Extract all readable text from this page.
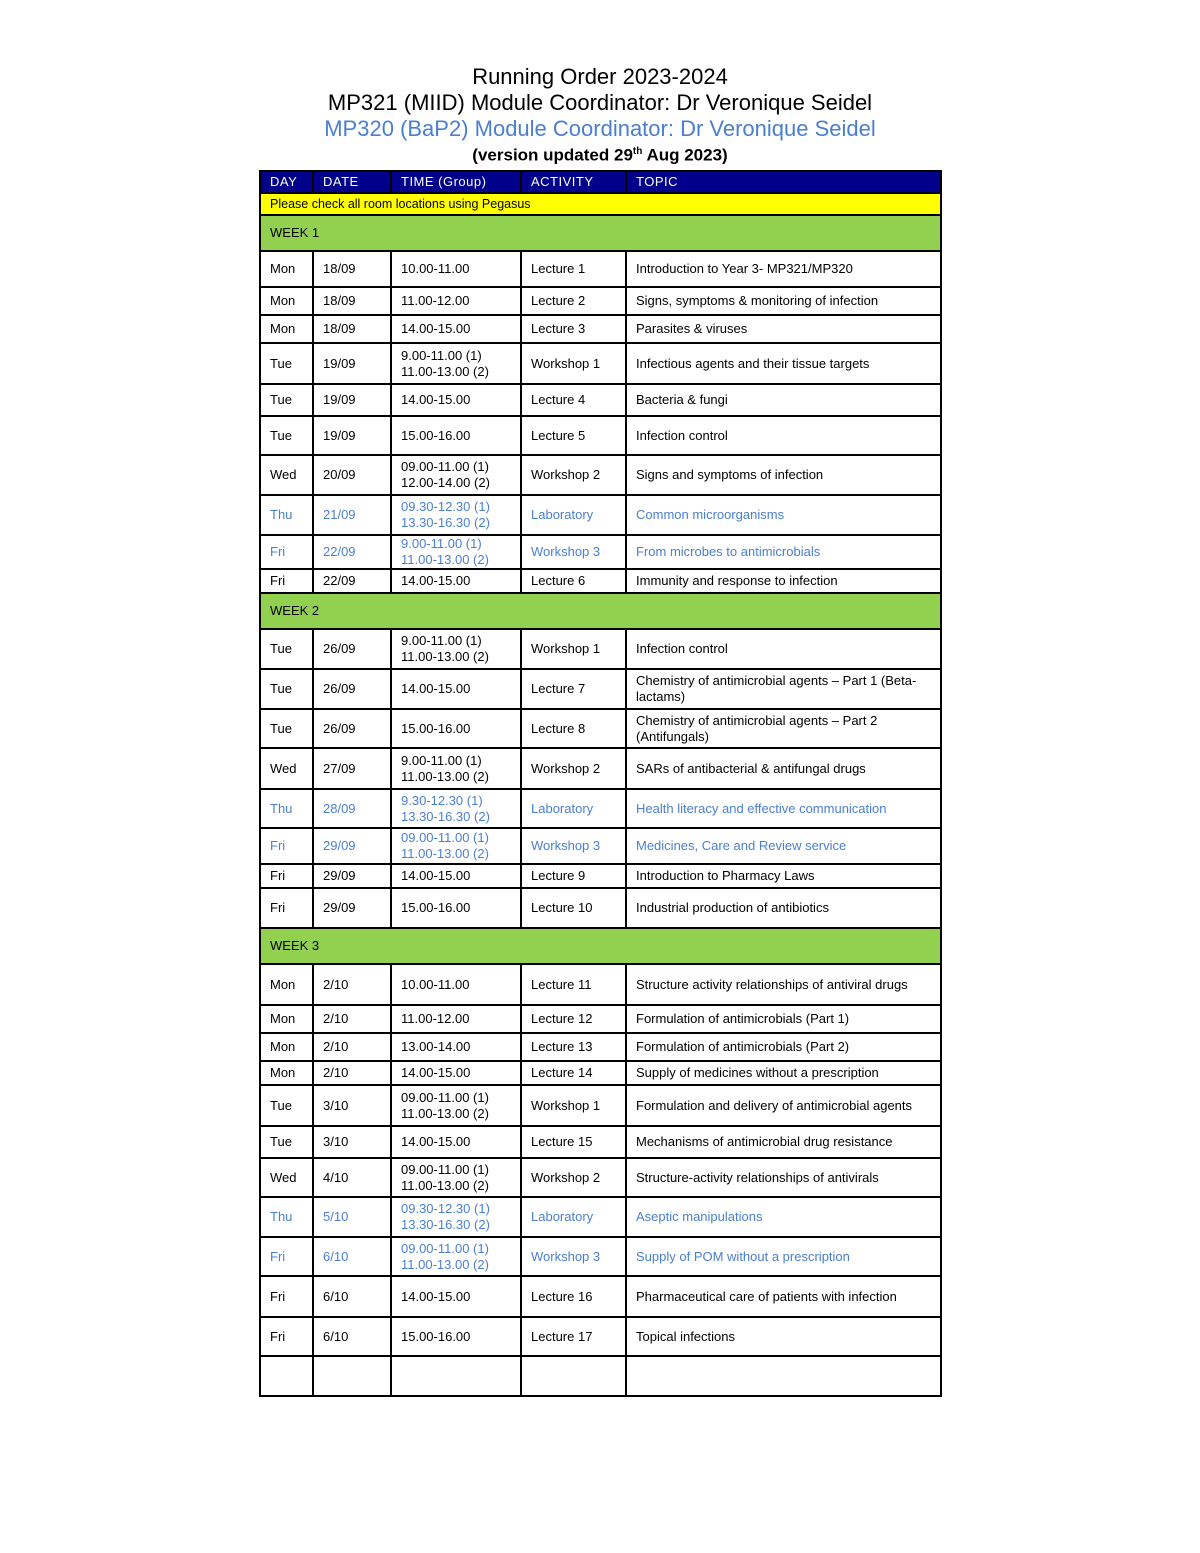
Running Order 2023-2024
MP321 (MIID) Module Coordinator: Dr Veronique Seidel
MP320 (BaP2) Module Coordinator: Dr Veronique Seidel
(version updated 29th Aug 2023)
DAY	DATE	TIME (Group)	ACTIVITY	TOPIC
Please check all room locations using Pegasus				
WEEK 1				
Mon	18/09	10.00-11.00	Lecture 1	Introduction to Year 3- MP321/MP320
Mon	18/09	11.00-12.00	Lecture 2	Signs, symptoms & monitoring of infection
Mon	18/09	14.00-15.00	Lecture 3	Parasites & viruses
Tue	19/09	9.00-11.00 (1)
11.00-13.00 (2)	Workshop 1	Infectious agents and their tissue targets
Tue	19/09	14.00-15.00	Lecture 4	Bacteria & fungi
Tue	19/09	15.00-16.00	Lecture 5	Infection control
Wed	20/09	09.00-11.00 (1)
12.00-14.00 (2)	Workshop 2	Signs and symptoms of infection
Thu	21/09	09.30-12.30 (1)
13.30-16.30 (2)	Laboratory	Common microorganisms
Fri	22/09	9.00-11.00 (1)
11.00-13.00 (2)	Workshop 3	From microbes to antimicrobials
Fri	22/09	14.00-15.00	Lecture 6	Immunity and response to infection
WEEK 2				
Tue	26/09	9.00-11.00 (1)
11.00-13.00 (2)	Workshop 1	Infection control
Tue	26/09	14.00-15.00	Lecture 7	Chemistry of antimicrobial agents – Part 1 (Beta-lactams)
Tue	26/09	15.00-16.00	Lecture 8	Chemistry of antimicrobial agents – Part 2 (Antifungals)
Wed	27/09	9.00-11.00 (1)
11.00-13.00 (2)	Workshop 2	SARs of antibacterial & antifungal drugs
Thu	28/09	9.30-12.30 (1)
13.30-16.30 (2)	Laboratory	Health literacy and effective communication
Fri	29/09	09.00-11.00 (1)
11.00-13.00 (2)	Workshop 3	Medicines, Care and Review service
Fri	29/09	14.00-15.00	Lecture 9	Introduction to Pharmacy Laws
Fri	29/09	15.00-16.00	Lecture 10	Industrial production of antibiotics
WEEK 3				
Mon	2/10	10.00-11.00	Lecture 11	Structure activity relationships of antiviral drugs
Mon	2/10	11.00-12.00	Lecture 12	Formulation of antimicrobials (Part 1)
Mon	2/10	13.00-14.00	Lecture 13	Formulation of antimicrobials (Part 2)
Mon	2/10	14.00-15.00	Lecture 14	Supply of medicines without a prescription
Tue	3/10	09.00-11.00 (1)
11.00-13.00 (2)	Workshop 1	Formulation and delivery of antimicrobial agents
Tue	3/10	14.00-15.00	Lecture 15	Mechanisms of antimicrobial drug resistance
Wed	4/10	09.00-11.00 (1)
11.00-13.00 (2)	Workshop 2	Structure-activity relationships of antivirals
Thu	5/10	09.30-12.30 (1)
13.30-16.30 (2)	Laboratory	Aseptic manipulations
Fri	6/10	09.00-11.00 (1)
11.00-13.00 (2)	Workshop 3	Supply of POM without a prescription
Fri	6/10	14.00-15.00	Lecture 16	Pharmaceutical care of patients with infection
Fri	6/10	15.00-16.00	Lecture 17	Topical infections
